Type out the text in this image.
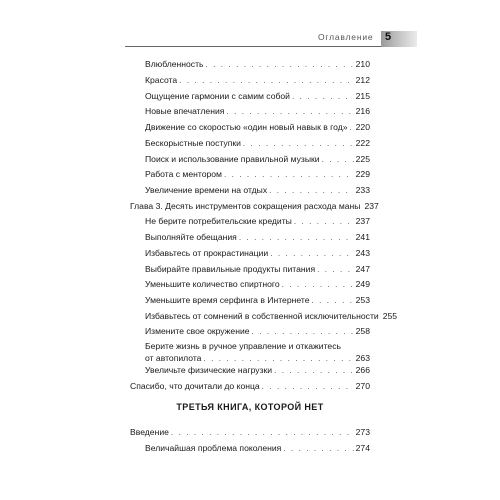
Оглавление 5
Влюбленность . . .	210
Красота . . .	212
Ощущение гармонии с самим собой . . .	215
Новые впечатления . . .	216
Движение со скоростью «один новый навык в год» . . . 220
Бескорыстные поступки . . .	222
Поиск и использование правильной музыки . . .	225
Работа с ментором . . .	229
Увеличение времени на отдых . . .	233
Глава 3. Десять инструментов сокращения расхода маны 237
Не берите потребительские кредиты . . .	237
Выполняйте обещания . . .	241
Избавьтесь от прокрастинации . . .	243
Выбирайте правильные продукты питания . . .	247
Уменьшите количество спиртного . . .	249
Уменьшите время серфинга в Интернете . . .	253
Избавьтесь от сомнений в собственной исключительности 255
Измените свое окружение . . .	258
Берите жизнь в ручное управление и откажитесь
от автопилота . . .	263
Увеличьте физические нагрузки . . .	266
Спасибо, что дочитали до конца . . .	270
ТРЕТЬЯ КНИГА, КОТОРОЙ НЕТ
Введение . . .	273
Величайшая проблема поколения . . .	274
